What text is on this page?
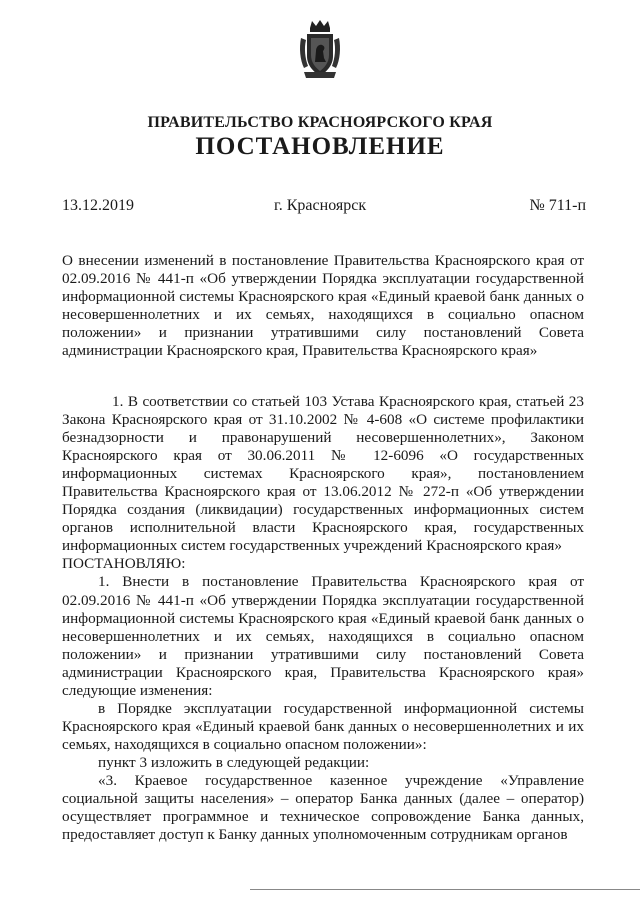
ПРАВИТЕЛЬСТВО КРАСНОЯРСКОГО КРАЯ
ПОСТАНОВЛЕНИЕ
13.12.2019	г. Красноярск	№ 711-п

О внесении изменений в постановление Правительства Красноярского края от 02.09.2016 № 441-п «Об утверждении Порядка эксплуатации государственной информационной системы Красноярского края «Единый краевой банк данных о несовершеннолетних и их семьях, находящихся в социально опасном положении» и признании утратившими силу постановлений Совета администрации Красноярского края, Правительства Красноярского края»

1. В соответствии со статьей 103 Устава Красноярского края, статьей 23 Закона Красноярского края от 31.10.2002 № 4-608 «О системе профилактики безнадзорности и правонарушений несовершеннолетних», Законом Красноярского края от 30.06.2011 № 12-6096 «О государственных информационных системах Красноярского края», постановлением Правительства Красноярского края от 13.06.2012 № 272-п «Об утверждении Порядка создания (ликвидации) государственных информационных систем органов исполнительной власти Красноярского края, государственных информационных систем государственных учреждений Красноярского края»

ПОСТАНОВЛЯЮ:

1. Внести в постановление Правительства Красноярского края от 02.09.2016 № 441-п «Об утверждении Порядка эксплуатации государственной информационной системы Красноярского края «Единый краевой банк данных о несовершеннолетних и их семьях, находящихся в социально опасном положении» и признании утратившими силу постановлений Совета администрации Красноярского края, Правительства Красноярского края» следующие изменения:

в Порядке эксплуатации государственной информационной системы Красноярского края «Единый краевой банк данных о несовершеннолетних и их семьях, находящихся в социально опасном положении»:

пункт 3 изложить в следующей редакции:

«3. Краевое государственное казенное учреждение «Управление социальной защиты населения» – оператор Банка данных (далее – оператор) осуществляет программное и техническое сопровождение Банка данных, предоставляет доступ к Банку данных уполномоченным сотрудникам органов
